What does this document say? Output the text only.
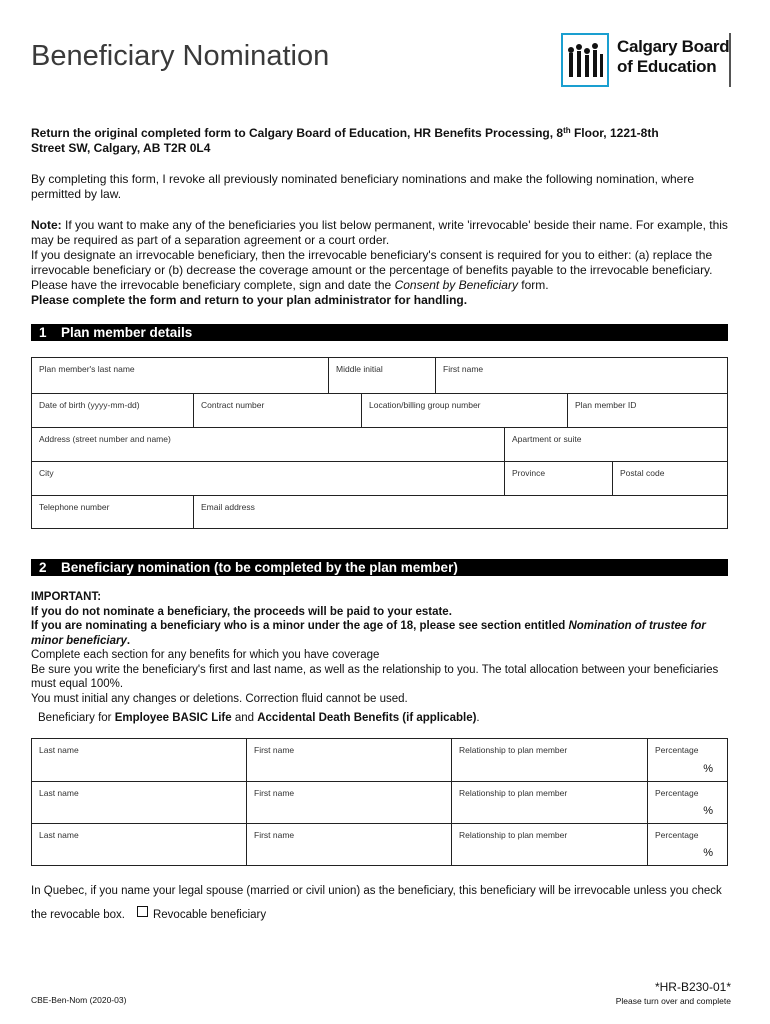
Beneficiary Nomination	Calgary Board
of Education
Return the original completed form to Calgary Board of Education, HR Benefits Processing, 8th Floor, 1221-8th
Street SW, Calgary, AB T2R 0L4
By completing this form, I revoke all previously nominated beneficiary nominations and make the following nomination, where permitted by law.
Note: If you want to make any of the beneficiaries you list below permanent, write 'irrevocable' beside their name. For example, this may be required as part of a separation agreement or a court order.
If you designate an irrevocable beneficiary, then the irrevocable beneficiary's consent is required for you to either: (a) replace the irrevocable beneficiary or (b) decrease the coverage amount or the percentage of benefits payable to the irrevocable beneficiary. Please have the irrevocable beneficiary complete, sign and date the Consent by Beneficiary form.
Please complete the form and return to your plan administrator for handling.
1 Plan member details
Plan member's last name	Middle initial	First name
Date of birth (yyyy-mm-dd)	Contract number	Location/billing group number	Plan member ID
Address (street number and name)	Apartment or suite
City	Province	Postal code
Telephone number	Email address
2 Beneficiary nomination (to be completed by the plan member)
IMPORTANT:
If you do not nominate a beneficiary, the proceeds will be paid to your estate.
If you are nominating a beneficiary who is a minor under the age of 18, please see section entitled Nomination of trustee for minor beneficiary.
Complete each section for any benefits for which you have coverage
Be sure you write the beneficiary's first and last name, as well as the relationship to you. The total allocation between your beneficiaries must equal 100%.
You must initial any changes or deletions. Correction fluid cannot be used.
Beneficiary for Employee BASIC Life and Accidental Death Benefits (if applicable).
Last name	First name	Relationship to plan member	Percentage
%
Last name	First name	Relationship to plan member	Percentage
%
Last name	First name	Relationship to plan member	Percentage
%
In Quebec, if you name your legal spouse (married or civil union) as the beneficiary, this beneficiary will be irrevocable unless you check
the revocable box. Revocable beneficiary
CBE-Ben-Nom (2020-03)
*HR-B230-01*
Please turn over and complete
